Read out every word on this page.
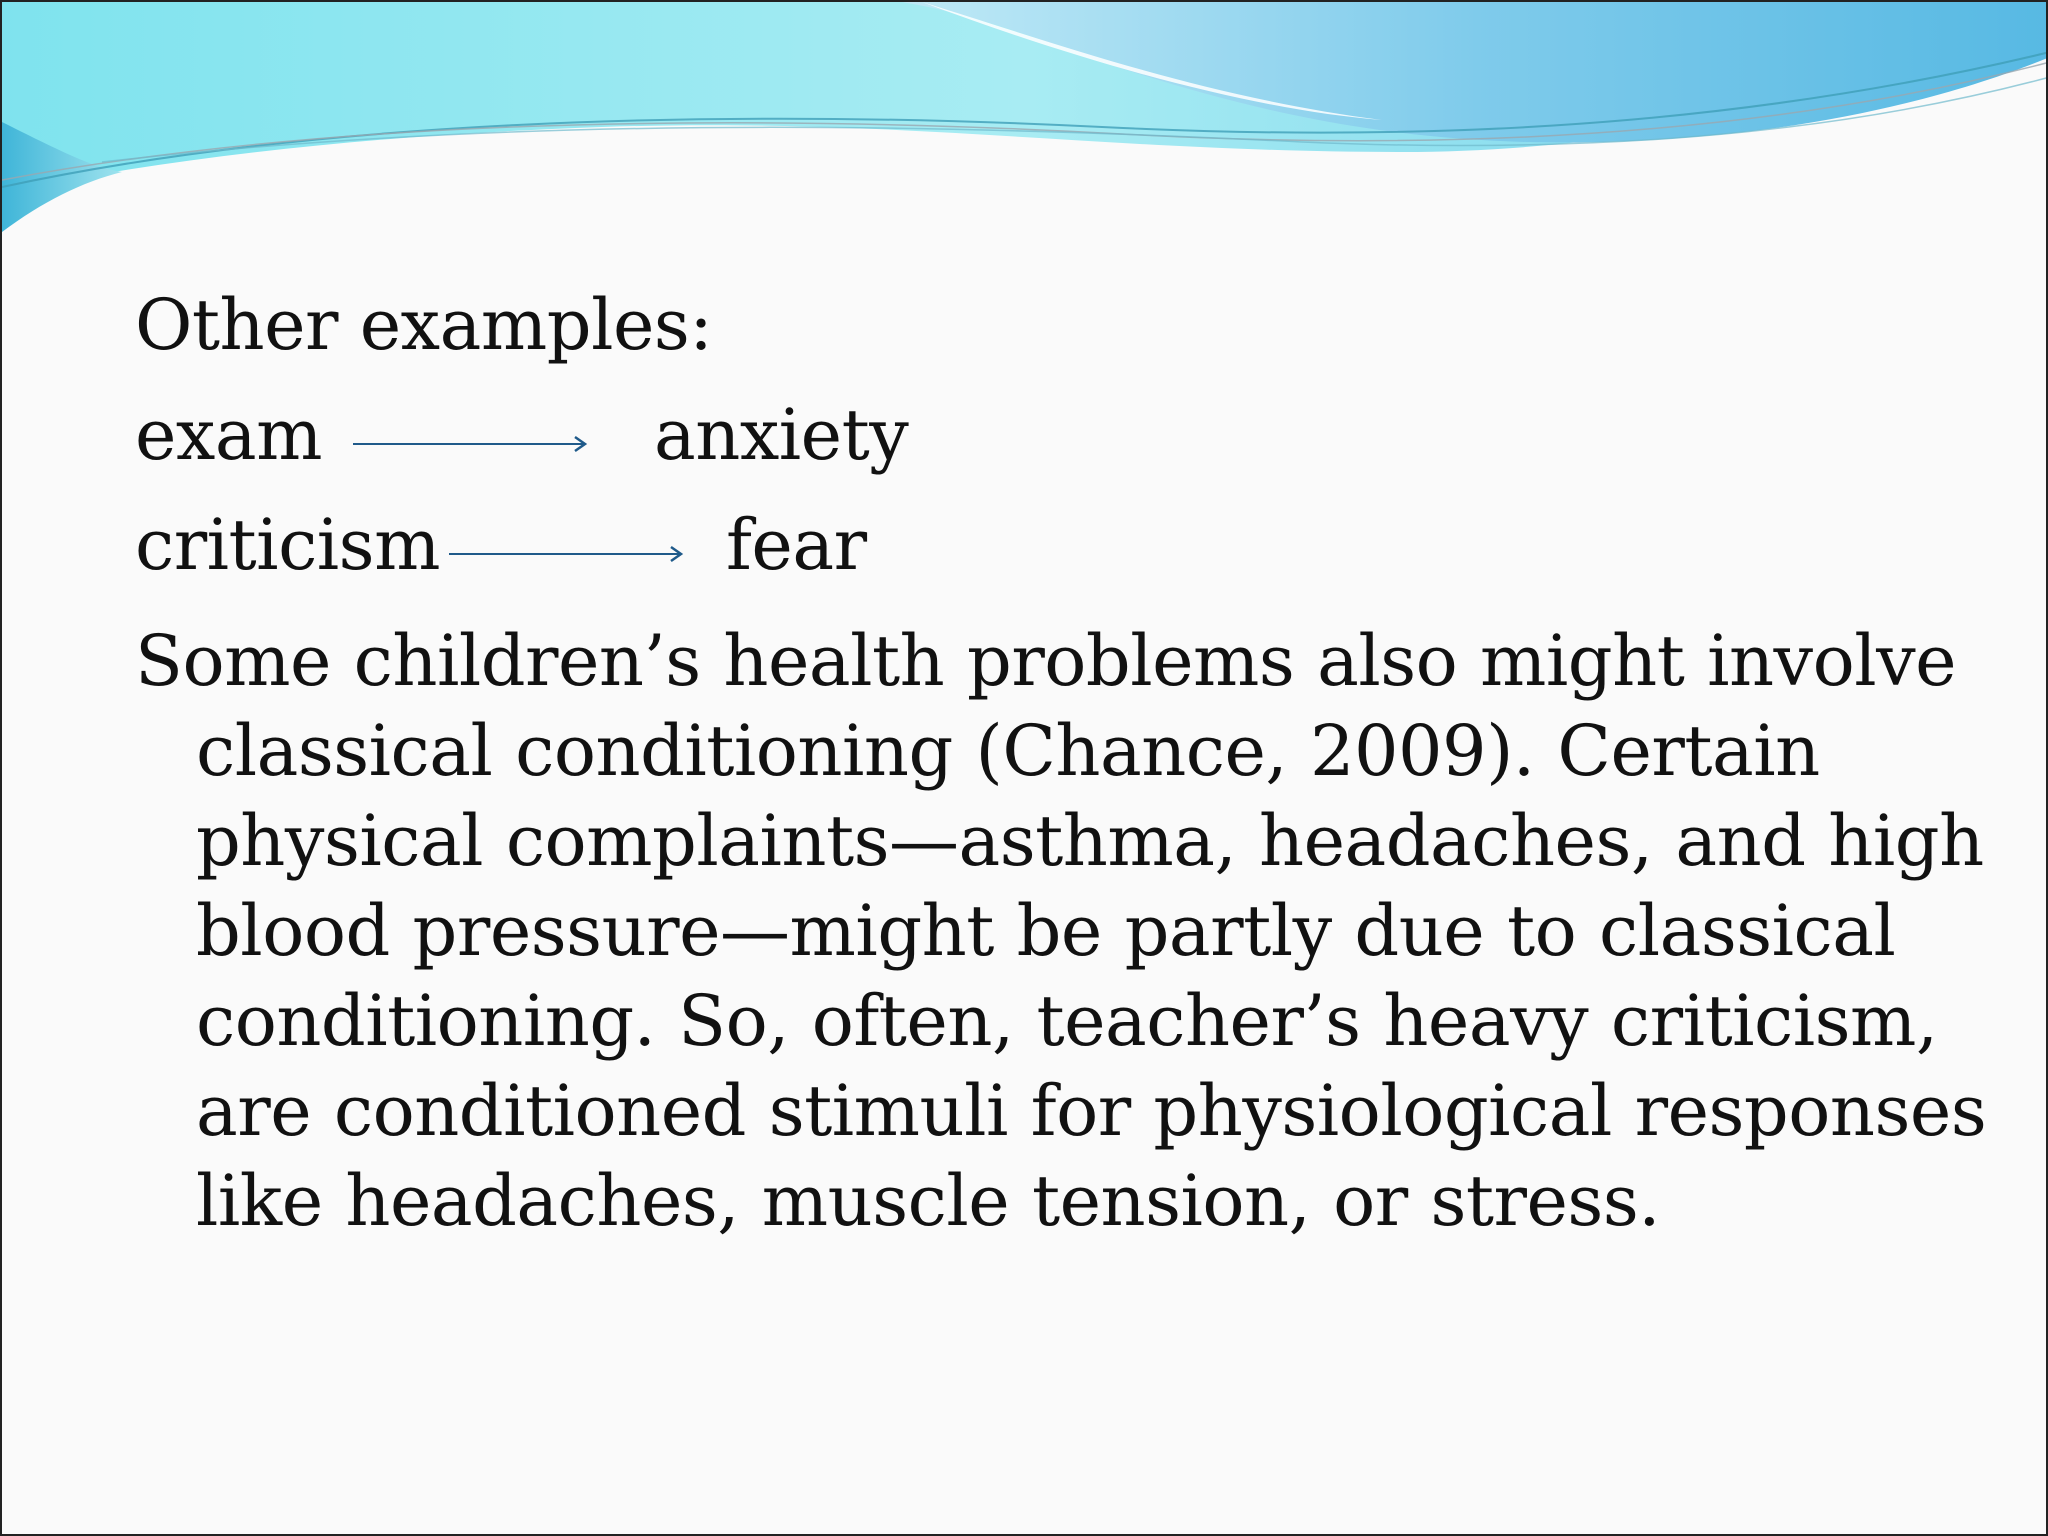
Other examples:
exam	anxiety
criticism	fear
Some children’s health problems also might involve classical conditioning (Chance, 2009). Certain physical complaints—asthma, headaches, and high blood pressure—might be partly due to classical conditioning. So, often, teacher’s heavy criticism, are conditioned stimuli for physiological responses like headaches, muscle tension, or stress.
